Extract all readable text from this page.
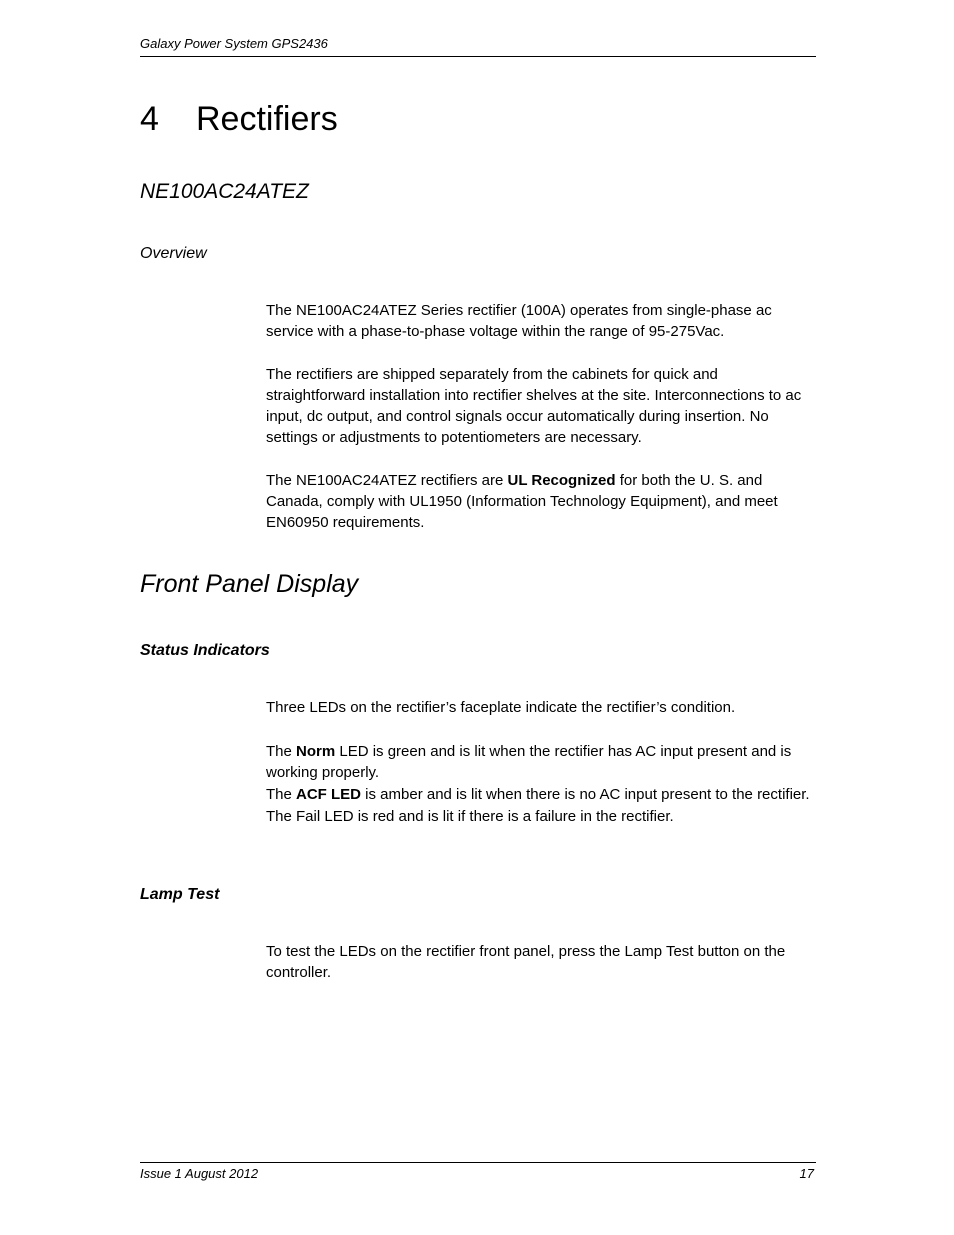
Galaxy Power System GPS2436
4 Rectifiers
NE100AC24ATEZ
Overview

The NE100AC24ATEZ Series rectifier (100A) operates from single-phase ac service with a phase-to-phase voltage within the range of 95-275Vac.

The rectifiers are shipped separately from the cabinets for quick and straightforward installation into rectifier shelves at the site. Interconnections to ac input, dc output, and control signals occur automatically during insertion. No settings or adjustments to potentiometers are necessary.

The NE100AC24ATEZ rectifiers are UL Recognized for both the U. S. and Canada, comply with UL1950 (Information Technology Equipment), and meet EN60950 requirements.

Front Panel Display
Status Indicators

Three LEDs on the rectifier’s faceplate indicate the rectifier’s condition.

The Norm LED is green and is lit when the rectifier has AC input present and is working properly.

The ACF LED is amber and is lit when there is no AC input present to the rectifier.

The Fail LED is red and is lit if there is a failure in the rectifier.

Lamp Test

To test the LEDs on the rectifier front panel, press the Lamp Test button on the controller.

Issue 1 August 2012	17
